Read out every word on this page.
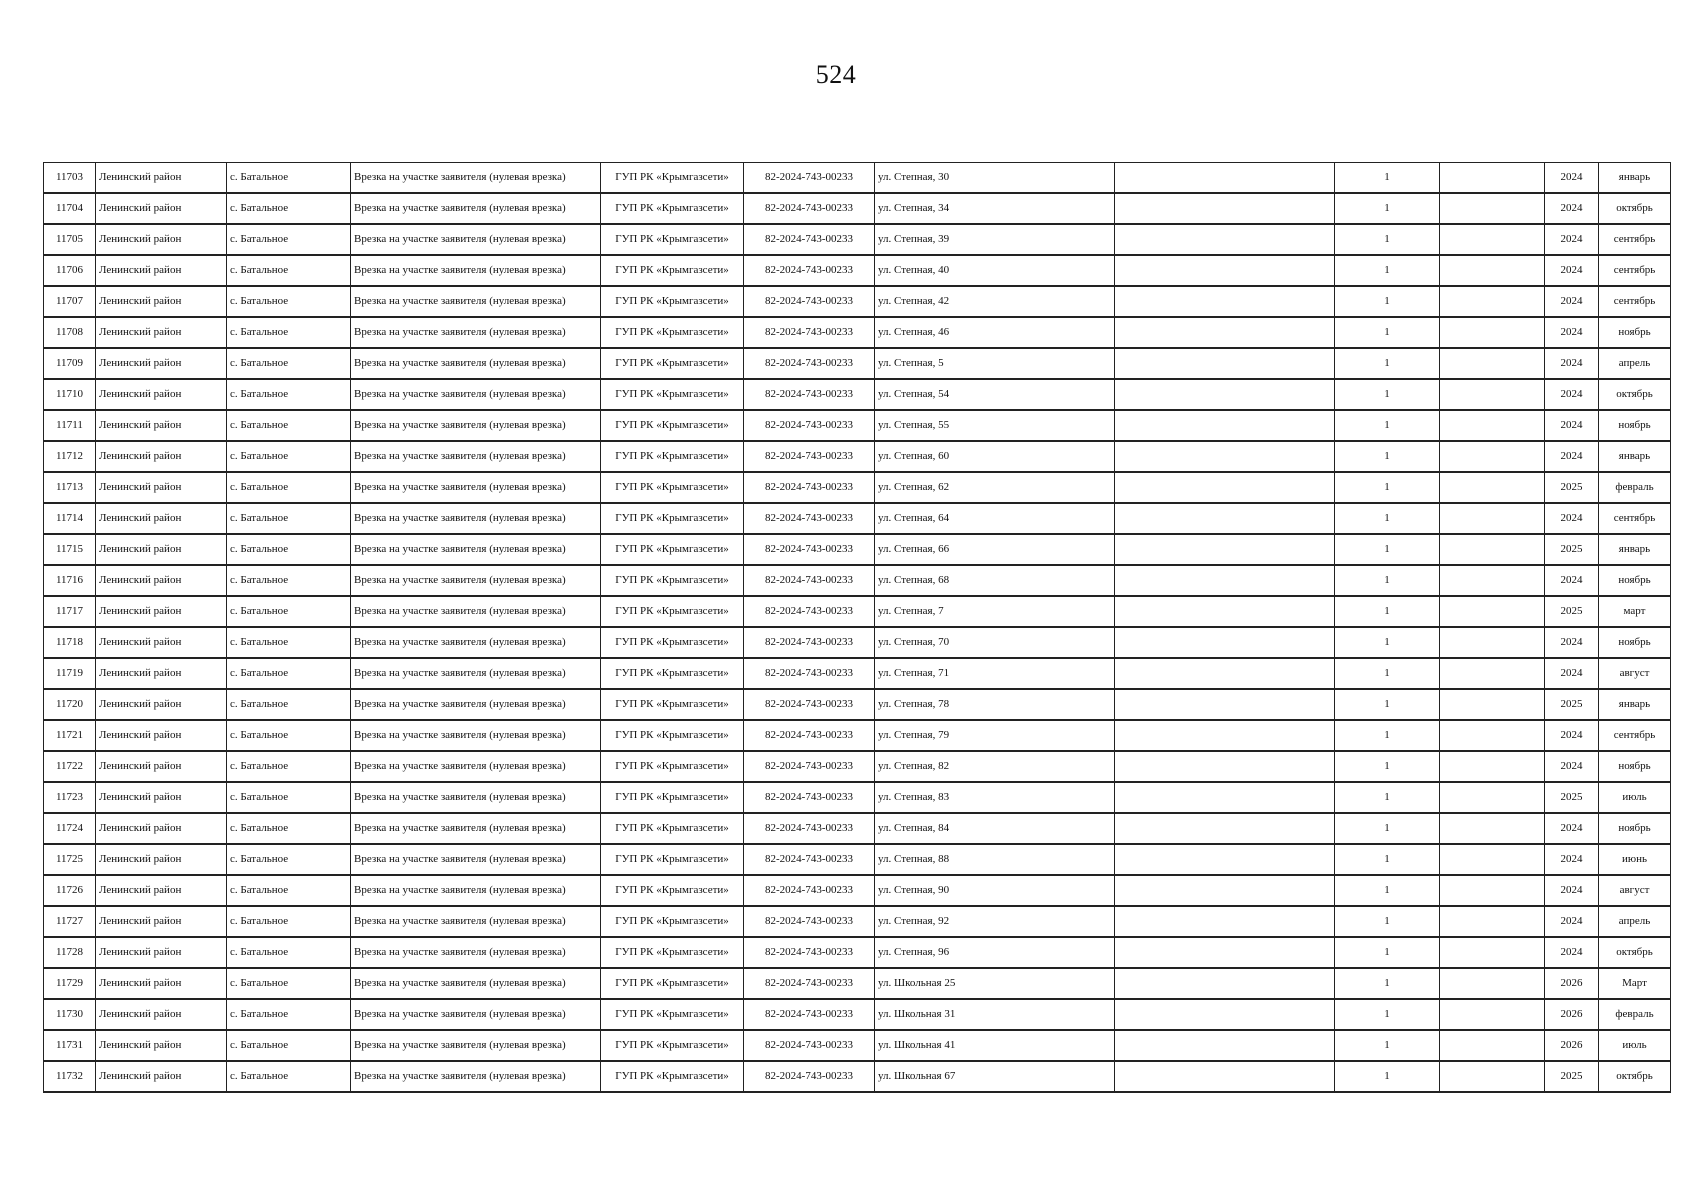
524
11703	Ленинский район	с. Батальное	Врезка на участке заявителя (нулевая врезка)	ГУП РК «Крымгазсети»	82-2024-743-00233	ул. Степная, 30		1		2024	январь
11704	Ленинский район	с. Батальное	Врезка на участке заявителя (нулевая врезка)	ГУП РК «Крымгазсети»	82-2024-743-00233	ул. Степная, 34		1		2024	октябрь
11705	Ленинский район	с. Батальное	Врезка на участке заявителя (нулевая врезка)	ГУП РК «Крымгазсети»	82-2024-743-00233	ул. Степная, 39		1		2024	сентябрь
11706	Ленинский район	с. Батальное	Врезка на участке заявителя (нулевая врезка)	ГУП РК «Крымгазсети»	82-2024-743-00233	ул. Степная, 40		1		2024	сентябрь
11707	Ленинский район	с. Батальное	Врезка на участке заявителя (нулевая врезка)	ГУП РК «Крымгазсети»	82-2024-743-00233	ул. Степная, 42		1		2024	сентябрь
11708	Ленинский район	с. Батальное	Врезка на участке заявителя (нулевая врезка)	ГУП РК «Крымгазсети»	82-2024-743-00233	ул. Степная, 46		1		2024	ноябрь
11709	Ленинский район	с. Батальное	Врезка на участке заявителя (нулевая врезка)	ГУП РК «Крымгазсети»	82-2024-743-00233	ул. Степная, 5		1		2024	апрель
11710	Ленинский район	с. Батальное	Врезка на участке заявителя (нулевая врезка)	ГУП РК «Крымгазсети»	82-2024-743-00233	ул. Степная, 54		1		2024	октябрь
11711	Ленинский район	с. Батальное	Врезка на участке заявителя (нулевая врезка)	ГУП РК «Крымгазсети»	82-2024-743-00233	ул. Степная, 55		1		2024	ноябрь
11712	Ленинский район	с. Батальное	Врезка на участке заявителя (нулевая врезка)	ГУП РК «Крымгазсети»	82-2024-743-00233	ул. Степная, 60		1		2024	январь
11713	Ленинский район	с. Батальное	Врезка на участке заявителя (нулевая врезка)	ГУП РК «Крымгазсети»	82-2024-743-00233	ул. Степная, 62		1		2025	февраль
11714	Ленинский район	с. Батальное	Врезка на участке заявителя (нулевая врезка)	ГУП РК «Крымгазсети»	82-2024-743-00233	ул. Степная, 64		1		2024	сентябрь
11715	Ленинский район	с. Батальное	Врезка на участке заявителя (нулевая врезка)	ГУП РК «Крымгазсети»	82-2024-743-00233	ул. Степная, 66		1		2025	январь
11716	Ленинский район	с. Батальное	Врезка на участке заявителя (нулевая врезка)	ГУП РК «Крымгазсети»	82-2024-743-00233	ул. Степная, 68		1		2024	ноябрь
11717	Ленинский район	с. Батальное	Врезка на участке заявителя (нулевая врезка)	ГУП РК «Крымгазсети»	82-2024-743-00233	ул. Степная, 7		1		2025	март
11718	Ленинский район	с. Батальное	Врезка на участке заявителя (нулевая врезка)	ГУП РК «Крымгазсети»	82-2024-743-00233	ул. Степная, 70		1		2024	ноябрь
11719	Ленинский район	с. Батальное	Врезка на участке заявителя (нулевая врезка)	ГУП РК «Крымгазсети»	82-2024-743-00233	ул. Степная, 71		1		2024	август
11720	Ленинский район	с. Батальное	Врезка на участке заявителя (нулевая врезка)	ГУП РК «Крымгазсети»	82-2024-743-00233	ул. Степная, 78		1		2025	январь
11721	Ленинский район	с. Батальное	Врезка на участке заявителя (нулевая врезка)	ГУП РК «Крымгазсети»	82-2024-743-00233	ул. Степная, 79		1		2024	сентябрь
11722	Ленинский район	с. Батальное	Врезка на участке заявителя (нулевая врезка)	ГУП РК «Крымгазсети»	82-2024-743-00233	ул. Степная, 82		1		2024	ноябрь
11723	Ленинский район	с. Батальное	Врезка на участке заявителя (нулевая врезка)	ГУП РК «Крымгазсети»	82-2024-743-00233	ул. Степная, 83		1		2025	июль
11724	Ленинский район	с. Батальное	Врезка на участке заявителя (нулевая врезка)	ГУП РК «Крымгазсети»	82-2024-743-00233	ул. Степная, 84		1		2024	ноябрь
11725	Ленинский район	с. Батальное	Врезка на участке заявителя (нулевая врезка)	ГУП РК «Крымгазсети»	82-2024-743-00233	ул. Степная, 88		1		2024	июнь
11726	Ленинский район	с. Батальное	Врезка на участке заявителя (нулевая врезка)	ГУП РК «Крымгазсети»	82-2024-743-00233	ул. Степная, 90		1		2024	август
11727	Ленинский район	с. Батальное	Врезка на участке заявителя (нулевая врезка)	ГУП РК «Крымгазсети»	82-2024-743-00233	ул. Степная, 92		1		2024	апрель
11728	Ленинский район	с. Батальное	Врезка на участке заявителя (нулевая врезка)	ГУП РК «Крымгазсети»	82-2024-743-00233	ул. Степная, 96		1		2024	октябрь
11729	Ленинский район	с. Батальное	Врезка на участке заявителя (нулевая врезка)	ГУП РК «Крымгазсети»	82-2024-743-00233	ул. Школьная 25		1		2026	Март
11730	Ленинский район	с. Батальное	Врезка на участке заявителя (нулевая врезка)	ГУП РК «Крымгазсети»	82-2024-743-00233	ул. Школьная 31		1		2026	февраль
11731	Ленинский район	с. Батальное	Врезка на участке заявителя (нулевая врезка)	ГУП РК «Крымгазсети»	82-2024-743-00233	ул. Школьная 41		1		2026	июль
11732	Ленинский район	с. Батальное	Врезка на участке заявителя (нулевая врезка)	ГУП РК «Крымгазсети»	82-2024-743-00233	ул. Школьная 67		1		2025	октябрь
